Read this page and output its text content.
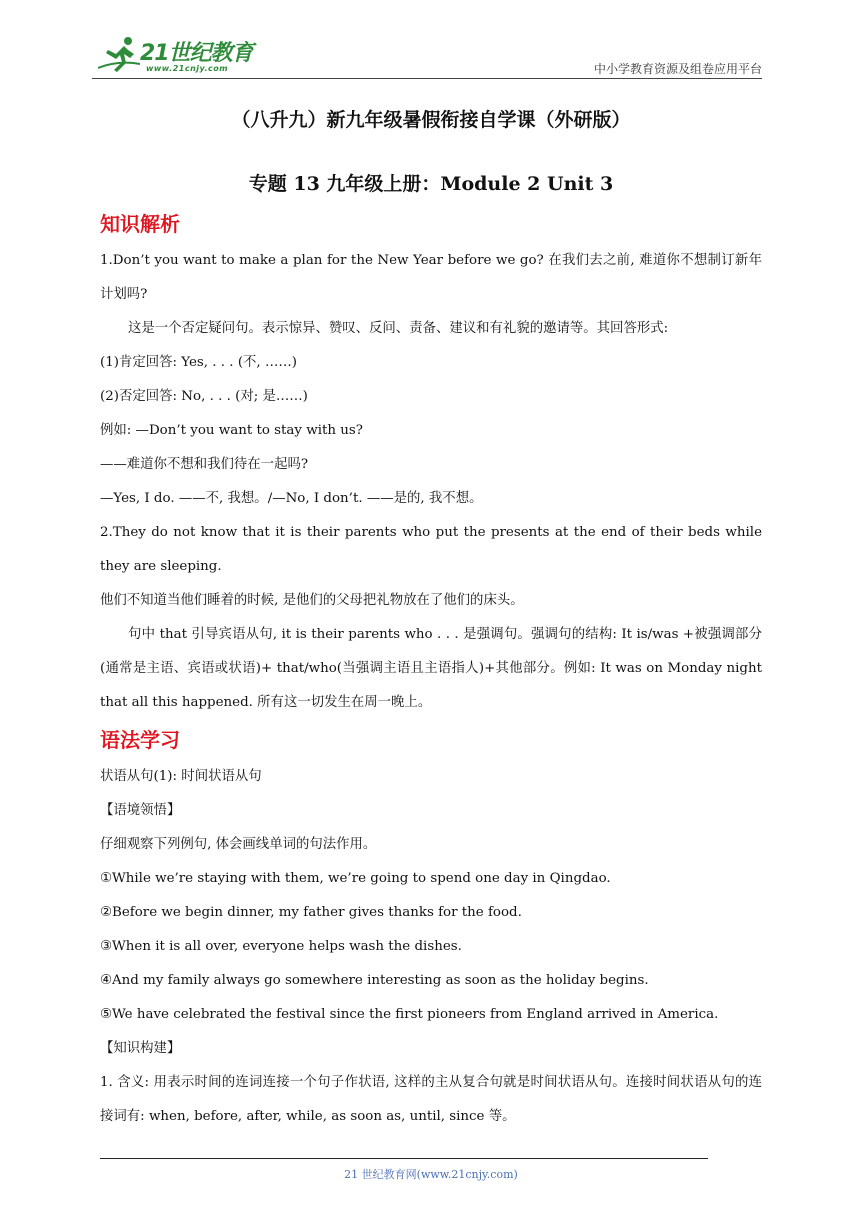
21世纪教育
www.21cnjy.com	中小学教育资源及组卷应用平台
（八升九）新九年级暑假衔接自学课（外研版）
专题 13 九年级上册：Module 2 Unit 3
知识解析

1.Don’t you want to make a plan for the New Year before we go? 在我们去之前, 难道你不想制订新年计划吗?

这是一个否定疑问句。表示惊异、赞叹、反问、责备、建议和有礼貌的邀请等。其回答形式:

(1)肯定回答: Yes, . . . (不, ……)

(2)否定回答: No, . . . (对; 是……)

例如: —Don’t you want to stay with us?

——难道你不想和我们待在一起吗?

—Yes, I do. ——不, 我想。/—No, I don’t. ——是的, 我不想。

2.They do not know that it is their parents who put the presents at the end of their beds while they are sleeping.

他们不知道当他们睡着的时候, 是他们的父母把礼物放在了他们的床头。

句中 that 引导宾语从句, it is their parents who . . . 是强调句。强调句的结构: It is/was +被强调部分(通常是主语、宾语或状语)+ that/who(当强调主语且主语指人)+其他部分。例如: It was on Monday night that all this happened. 所有这一切发生在周一晚上。

语法学习

状语从句(1): 时间状语从句

【语境领悟】

仔细观察下列例句, 体会画线单词的句法作用。

①While we’re staying with them, we’re going to spend one day in Qingdao.

②Before we begin dinner, my father gives thanks for the food.

③When it is all over, everyone helps wash the dishes.

④And my family always go somewhere interesting as soon as the holiday begins.

⑤We have celebrated the festival since the first pioneers from England arrived in America.

【知识构建】

1. 含义: 用表示时间的连词连接一个句子作状语, 这样的主从复合句就是时间状语从句。连接时间状语从句的连接词有: when, before, after, while, as soon as, until, since 等。

21 世纪教育网(www.21cnjy.com)
